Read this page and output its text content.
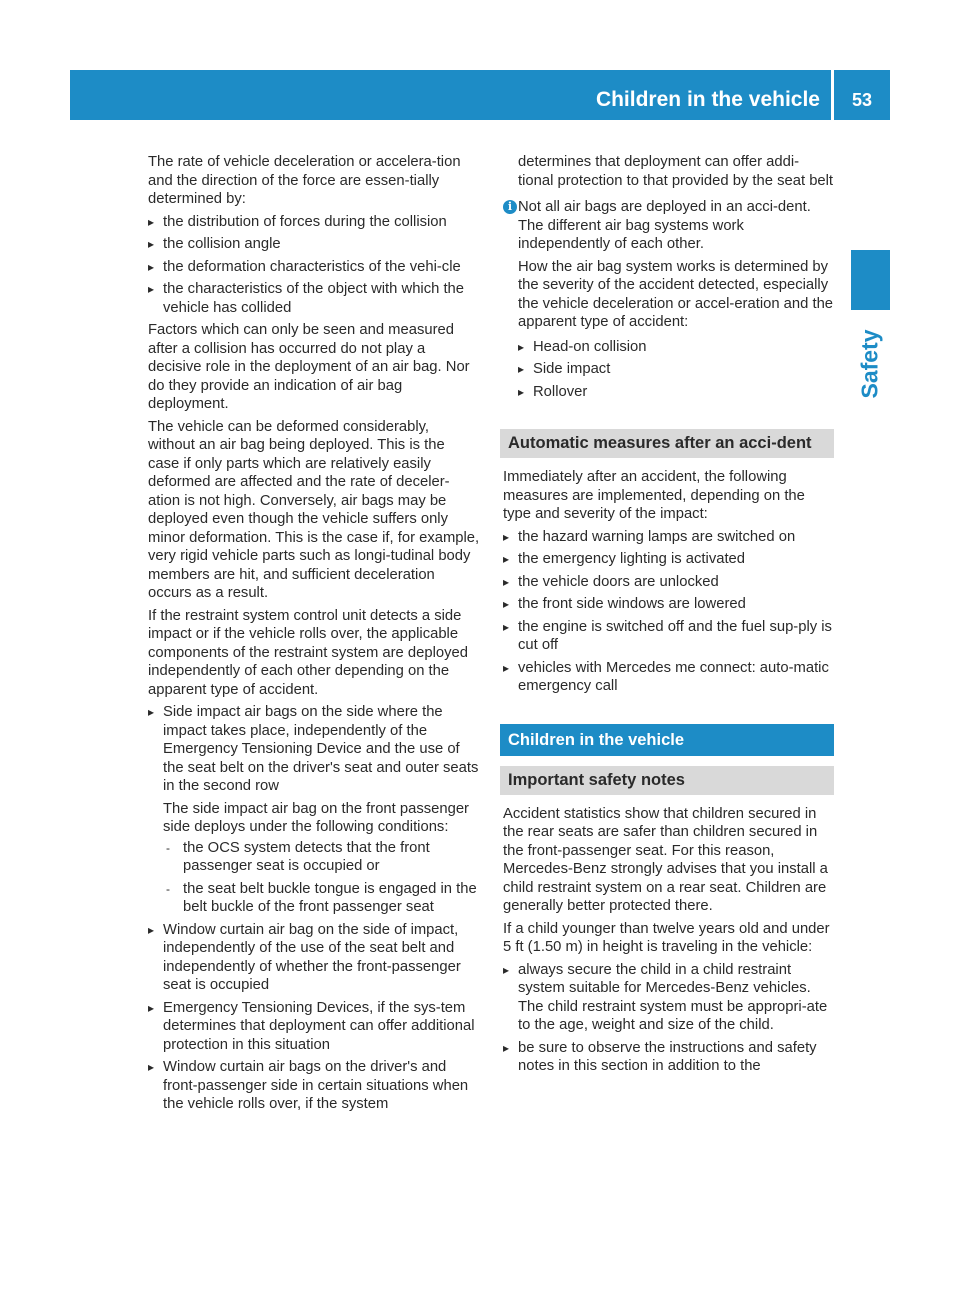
Children in the vehicle	53
Safety

The rate of vehicle deceleration or accelera-tion and the direction of the force are essen-tially determined by:

▸ the distribution of forces during the collision
▸ the collision angle
▸ the deformation characteristics of the vehi-cle
▸ the characteristics of the object with which the vehicle has collided

Factors which can only be seen and measured after a collision has occurred do not play a decisive role in the deployment of an air bag. Nor do they provide an indication of air bag deployment.

The vehicle can be deformed considerably, without an air bag being deployed. This is the case if only parts which are relatively easily deformed are affected and the rate of deceler-ation is not high. Conversely, air bags may be deployed even though the vehicle suffers only minor deformation. This is the case if, for example, very rigid vehicle parts such as longi-tudinal body members are hit, and sufficient deceleration occurs as a result.

If the restraint system control unit detects a side impact or if the vehicle rolls over, the applicable components of the restraint system are deployed independently of each other depending on the apparent type of accident.

▸ Side impact air bags on the side where the impact takes place, independently of the Emergency Tensioning Device and the use of the seat belt on the driver's seat and outer seats in the second row

The side impact air bag on the front passenger side deploys under the following conditions:

- the OCS system detects that the front passenger seat is occupied or
- the seat belt buckle tongue is engaged in the belt buckle of the front passenger seat
▸ Window curtain air bag on the side of impact, independently of the use of the seat belt and independently of whether the front-passenger seat is occupied
▸ Emergency Tensioning Devices, if the sys-tem determines that deployment can offer additional protection in this situation
▸ Window curtain air bags on the driver's and front-passenger side in certain situations when the vehicle rolls over, if the system

determines that deployment can offer addi-tional protection to that provided by the seat belt

i Not all air bags are deployed in an acci-dent. The different air bag systems work independently of each other.

How the air bag system works is determined by the severity of the accident detected, especially the vehicle deceleration or accel-eration and the apparent type of accident:

▸ Head-on collision
▸ Side impact
▸ Rollover
Automatic measures after an acci-dent

Immediately after an accident, the following measures are implemented, depending on the type and severity of the impact:

▸ the hazard warning lamps are switched on
▸ the emergency lighting is activated
▸ the vehicle doors are unlocked
▸ the front side windows are lowered
▸ the engine is switched off and the fuel sup-ply is cut off
▸ vehicles with Mercedes me connect: auto-matic emergency call
Children in the vehicle
Important safety notes

Accident statistics show that children secured in the rear seats are safer than children secured in the front-passenger seat. For this reason, Mercedes-Benz strongly advises that you install a child restraint system on a rear seat. Children are generally better protected there.

If a child younger than twelve years old and under 5 ft (1.50 m) in height is traveling in the vehicle:

▸ always secure the child in a child restraint system suitable for Mercedes-Benz vehicles. The child restraint system must be appropri-ate to the age, weight and size of the child.
▸ be sure to observe the instructions and safety notes in this section in addition to the
